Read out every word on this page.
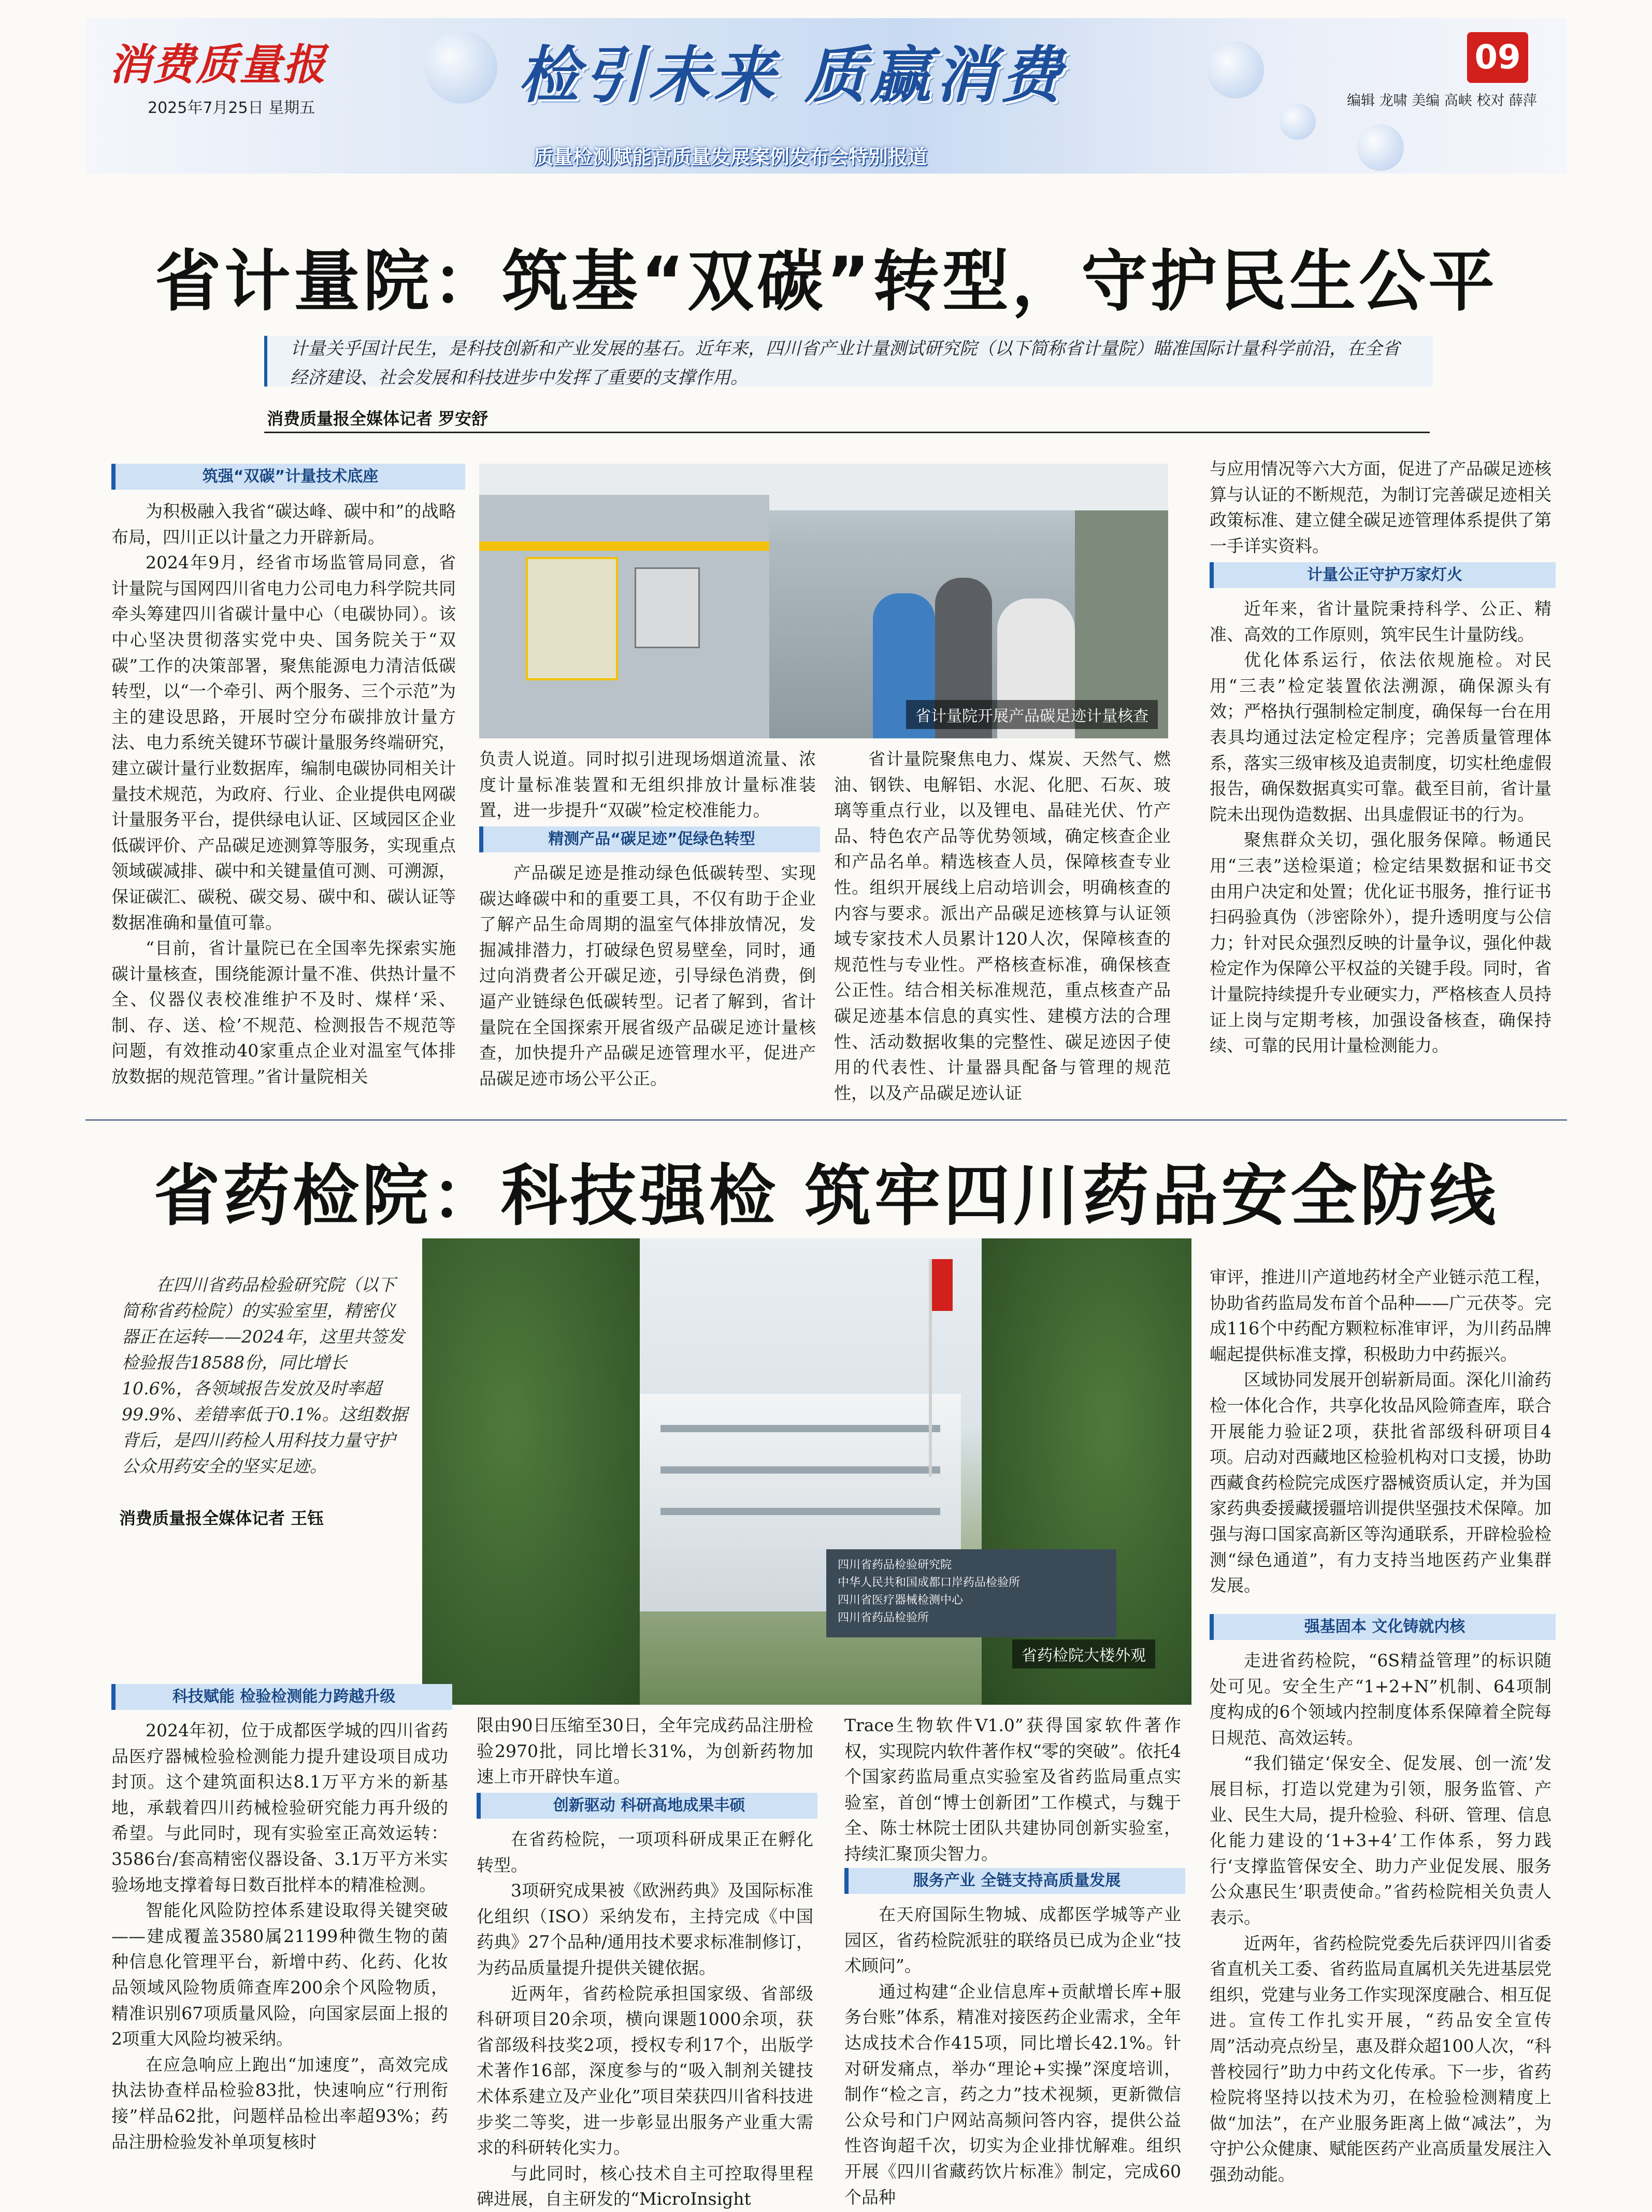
消费质量报
2025年7月25日 星期五	检引未来 质赢消费
质量检测赋能高质量发展案例发布会特别报道
09
编辑 龙啸 美编 高峡 校对 薛萍
省计量院：筑基“双碳”转型，守护民生公平
计量关乎国计民生，是科技创新和产业发展的基石。近年来，四川省产业计量测试研究院（以下简称省计量院）瞄准国际计量科学前沿，在全省经济建设、社会发展和科技进步中发挥了重要的支撑作用。
消费质量报全媒体记者 罗安舒
筑强“双碳”计量技术底座

为积极融入我省“碳达峰、碳中和”的战略布局，四川正以计量之力开辟新局。

2024年9月，经省市场监管局同意，省计量院与国网四川省电力公司电力科学院共同牵头筹建四川省碳计量中心（电碳协同）。该中心坚决贯彻落实党中央、国务院关于“双碳”工作的决策部署，聚焦能源电力清洁低碳转型，以“一个牵引、两个服务、三个示范”为主的建设思路，开展时空分布碳排放计量方法、电力系统关键环节碳计量服务终端研究，建立碳计量行业数据库，编制电碳协同相关计量技术规范，为政府、行业、企业提供电网碳计量服务平台，提供绿电认证、区域园区企业低碳评价、产品碳足迹测算等服务，实现重点领域碳减排、碳中和关键量值可测、可溯源，保证碳汇、碳税、碳交易、碳中和、碳认证等数据准确和量值可靠。

“目前，省计量院已在全国率先探索实施碳计量核查，围绕能源计量不准、供热计量不全、仪器仪表校准维护不及时、煤样‘采、制、存、送、检’不规范、检测报告不规范等问题，有效推动40家重点企业对温室气体排放数据的规范管理。”省计量院相关

省计量院开展产品碳足迹计量核查

负责人说道。同时拟引进现场烟道流量、浓度计量标准装置和无组织排放计量标准装置，进一步提升“双碳”检定校准能力。

精测产品“碳足迹”促绿色转型

产品碳足迹是推动绿色低碳转型、实现碳达峰碳中和的重要工具，不仅有助于企业了解产品生命周期的温室气体排放情况，发掘减排潜力，打破绿色贸易壁垒，同时，通过向消费者公开碳足迹，引导绿色消费，倒逼产业链绿色低碳转型。记者了解到，省计量院在全国探索开展省级产品碳足迹计量核查，加快提升产品碳足迹管理水平，促进产品碳足迹市场公平公正。

省计量院聚焦电力、煤炭、天然气、燃油、钢铁、电解铝、水泥、化肥、石灰、玻璃等重点行业，以及锂电、晶硅光伏、竹产品、特色农产品等优势领域，确定核查企业和产品名单。精选核查人员，保障核查专业性。组织开展线上启动培训会，明确核查的内容与要求。派出产品碳足迹核算与认证领域专家技术人员累计120人次，保障核查的规范性与专业性。严格核查标准，确保核查公正性。结合相关标准规范，重点核查产品碳足迹基本信息的真实性、建模方法的合理性、活动数据收集的完整性、碳足迹因子使用的代表性、计量器具配备与管理的规范性，以及产品碳足迹认证

与应用情况等六大方面，促进了产品碳足迹核算与认证的不断规范，为制订完善碳足迹相关政策标准、建立健全碳足迹管理体系提供了第一手详实资料。

计量公正守护万家灯火

近年来，省计量院秉持科学、公正、精准、高效的工作原则，筑牢民生计量防线。

优化体系运行，依法依规施检。对民用“三表”检定装置依法溯源，确保源头有效；严格执行强制检定制度，确保每一台在用表具均通过法定检定程序；完善质量管理体系，落实三级审核及追责制度，切实杜绝虚假报告，确保数据真实可靠。截至目前，省计量院未出现伪造数据、出具虚假证书的行为。

聚焦群众关切，强化服务保障。畅通民用“三表”送检渠道；检定结果数据和证书交由用户决定和处置；优化证书服务，推行证书扫码验真伪（涉密除外），提升透明度与公信力；针对民众强烈反映的计量争议，强化仲裁检定作为保障公平权益的关键手段。同时，省计量院持续提升专业硬实力，严格核查人员持证上岗与定期考核，加强设备核查，确保持续、可靠的民用计量检测能力。

省药检院：科技强检 筑牢四川药品安全防线
在四川省药品检验研究院（以下简称省药检院）的实验室里，精密仪器正在运转——2024年，这里共签发检验报告18588份，同比增长10.6%，各领域报告发放及时率超99.9%、差错率低于0.1%。这组数据背后，是四川药检人用科技力量守护公众用药安全的坚实足迹。
消费质量报全媒体记者 王钰
四川省药品检验研究院
中华人民共和国成都口岸药品检验所
四川省医疗器械检测中心
四川省药品检验所
省药检院大楼外观

审评，推进川产道地药材全产业链示范工程，协助省药监局发布首个品种——广元茯苓。完成116个中药配方颗粒标准审评，为川药品牌崛起提供标准支撑，积极助力中药振兴。

区域协同发展开创崭新局面。深化川渝药检一体化合作，共享化妆品风险筛查库，联合开展能力验证2项，获批省部级科研项目4项。启动对西藏地区检验机构对口支援，协助西藏食药检院完成医疗器械资质认定，并为国家药典委援藏援疆培训提供坚强技术保障。加强与海口国家高新区等沟通联系，开辟检验检测“绿色通道”，有力支持当地医药产业集群发展。

强基固本 文化铸就内核

走进省药检院，“6S精益管理”的标识随处可见。安全生产“1+2+N”机制、64项制度构成的6个领域内控制度体系保障着全院每日规范、高效运转。

“我们锚定‘保安全、促发展、创一流’发展目标，打造以党建为引领，服务监管、产业、民生大局，提升检验、科研、管理、信息化能力建设的‘1+3+4’工作体系，努力践行‘支撑监管保安全、助力产业促发展、服务公众惠民生’职责使命。”省药检院相关负责人表示。

近两年，省药检院党委先后获评四川省委省直机关工委、省药监局直属机关先进基层党组织，党建与业务工作实现深度融合、相互促进。宣传工作扎实开展，“药品安全宣传周”活动亮点纷呈，惠及群众超100人次，“科普校园行”助力中药文化传承。下一步，省药检院将坚持以技术为刃，在检验检测精度上做“加法”，在产业服务距离上做“减法”，为守护公众健康、赋能医药产业高质量发展注入强劲动能。

科技赋能 检验检测能力跨越升级

2024年初，位于成都医学城的四川省药品医疗器械检验检测能力提升建设项目成功封顶。这个建筑面积达8.1万平方米的新基地，承载着四川药械检验研究能力再升级的希望。与此同时，现有实验室正高效运转：3586台/套高精密仪器设备、3.1万平方米实验场地支撑着每日数百批样本的精准检测。

智能化风险防控体系建设取得关键突破——建成覆盖3580属21199种微生物的菌种信息化管理平台，新增中药、化药、化妆品领域风险物质筛查库200余个风险物质，精准识别67项质量风险，向国家层面上报的2项重大风险均被采纳。

在应急响应上跑出“加速度”，高效完成执法协查样品检验83批，快速响应“行刑衔接”样品62批，问题样品检出率超93%；药品注册检验发补单项复核时

限由90日压缩至30日，全年完成药品注册检验2970批，同比增长31%，为创新药物加速上市开辟快车道。

创新驱动 科研高地成果丰硕

在省药检院，一项项科研成果正在孵化转型。

3项研究成果被《欧洲药典》及国际标准化组织（ISO）采纳发布，主持完成《中国药典》27个品种/通用技术要求标准制修订，为药品质量提升提供关键依据。

近两年，省药检院承担国家级、省部级科研项目20余项，横向课题1000余项，获省部级科技奖2项，授权专利17个，出版学术著作16部，深度参与的“吸入制剂关键技术体系建立及产业化”项目荣获四川省科技进步奖二等奖，进一步彰显出服务产业重大需求的科研转化实力。

与此同时，核心技术自主可控取得里程碑进展，自主研发的“MicroInsight

Trace生物软件V1.0”获得国家软件著作权，实现院内软件著作权“零的突破”。依托4个国家药监局重点实验室及省药监局重点实验室，首创“博士创新团”工作模式，与魏于全、陈士林院士团队共建协同创新实验室，持续汇聚顶尖智力。

服务产业 全链支持高质量发展

在天府国际生物城、成都医学城等产业园区，省药检院派驻的联络员已成为企业“技术顾问”。

通过构建“企业信息库+贡献增长库+服务台账”体系，精准对接医药企业需求，全年达成技术合作415项，同比增长42.1%。针对研发痛点，举办“理论+实操”深度培训，制作“检之言，药之力”技术视频，更新微信公众号和门户网站高频问答内容，提供公益性咨询超千次，切实为企业排忧解难。组织开展《四川省藏药饮片标准》制定，完成60个品种
